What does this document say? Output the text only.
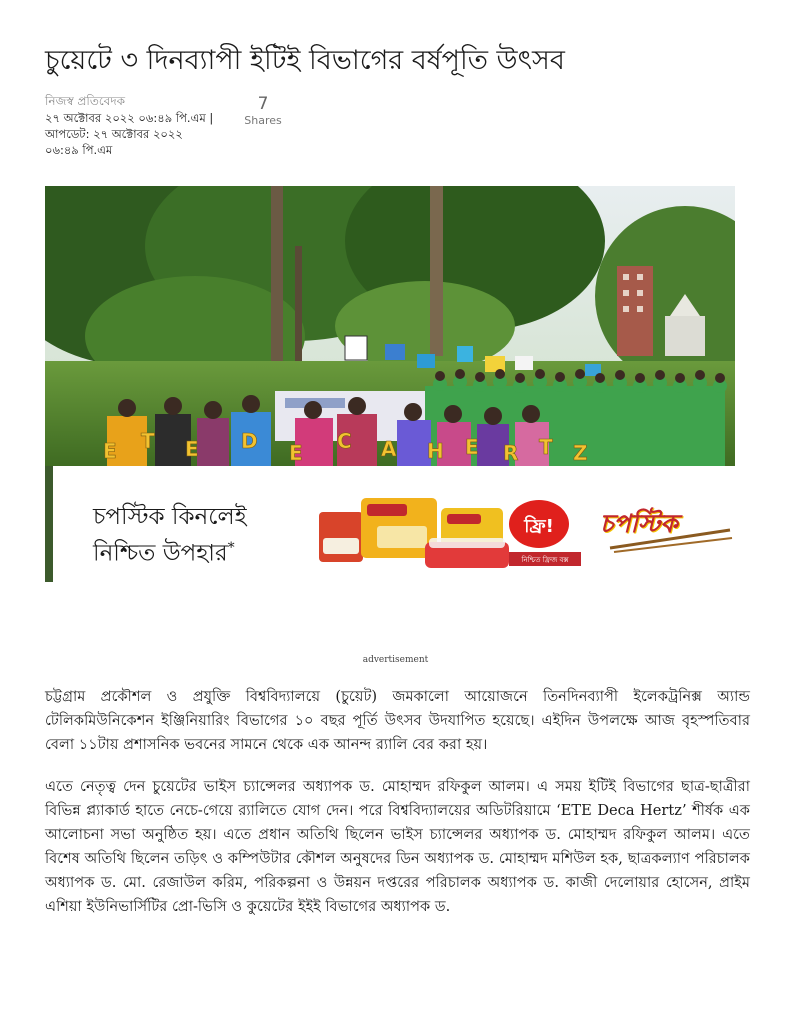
চুয়েটে ৩ দিনব্যাপী ইটিই বিভাগের বর্ষপূতি উৎসব
নিজস্ব প্রতিবেদক
২৭ অক্টোবর ২০২২ ০৬:৪৯ পি.এম | আপডেট: ২৭ অক্টোবর ২০২২ ০৬:৪৯ পি.এম
7
Shares
E T E D E C A H E R T Z
চপস্টিক কিনলেই
নিশ্চিত উপহার*
ফ্রি!
নিশ্চিত ফ্রিজ বক্স
চপস্টিক
advertisement

চট্টগ্রাম প্রকৌশল ও প্রযুক্তি বিশ্ববিদ্যালয়ে (চুয়েট) জমকালো আয়োজনে তিনদিনব্যাপী ইলেকট্রনিক্স অ্যান্ড টেলিকমিউনিকেশন ইঞ্জিনিয়ারিং বিভাগের ১০ বছর পূর্তি উৎসব উদযাপিত হয়েছে। এইদিন উপলক্ষে আজ বৃহস্পতিবার বেলা ১১টায় প্রশাসনিক ভবনের সামনে থেকে এক আনন্দ র‍্যালি বের করা হয়।

এতে নেতৃত্ব দেন চুয়েটের ভাইস চ্যান্সেলর অধ্যাপক ড. মোহাম্মদ রফিকুল আলম। এ সময় ইটিই বিভাগের ছাত্র-ছাত্রীরা বিভিন্ন প্ল্যাকার্ড হাতে নেচে-গেয়ে র‍্যালিতে যোগ দেন। পরে বিশ্ববিদ্যালয়ের অডিটরিয়ামে ‘ETE Deca Hertz’ শীর্ষক এক আলোচনা সভা অনুষ্ঠিত হয়। এতে প্রধান অতিথি ছিলেন ভাইস চ্যান্সেলর অধ্যাপক ড. মোহাম্মদ রফিকুল আলম। এতে বিশেষ অতিথি ছিলেন তড়িৎ ও কম্পিউটার কৌশল অনুষদের ডিন অধ্যাপক ড. মোহাম্মদ মশিউল হক, ছাত্রকল্যাণ পরিচালক অধ্যাপক ড. মো. রেজাউল করিম, পরিকল্পনা ও উন্নয়ন দপ্তরের পরিচালক অধ্যাপক ড. কাজী দেলোয়ার হোসেন, প্রাইম এশিয়া ইউনিভার্সিটির প্রো-ভিসি ও কুয়েটের ইইই বিভাগের অধ্যাপক ড.
